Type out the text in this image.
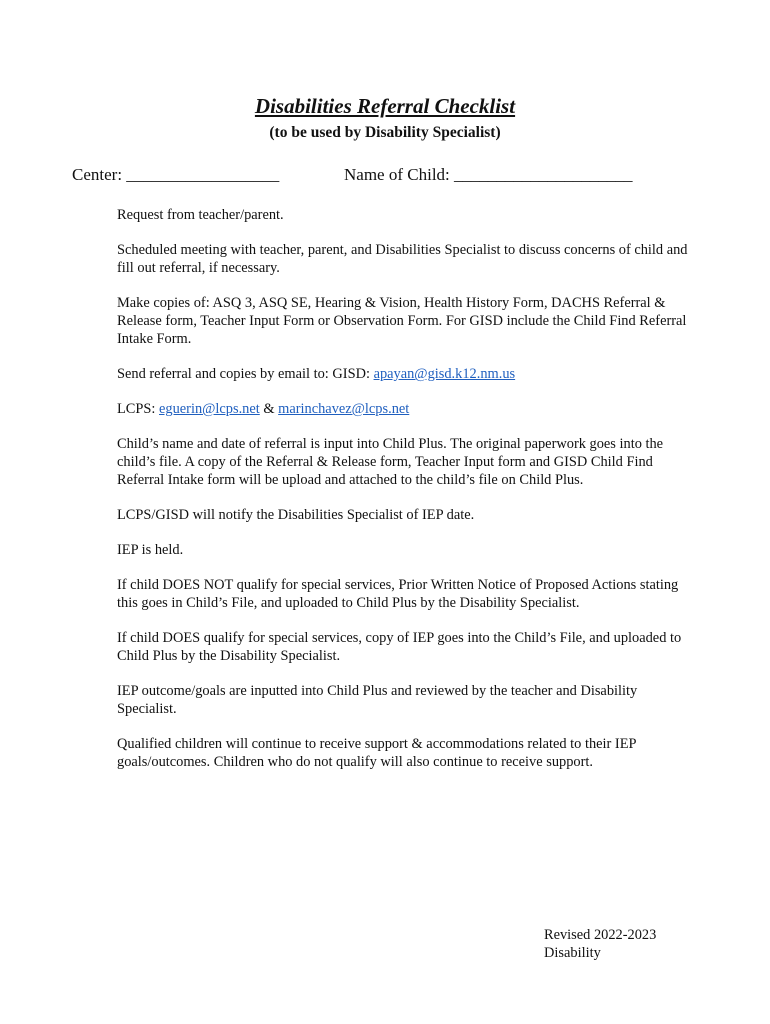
Disabilities Referral Checklist
(to be used by Disability Specialist)
Center: __________________	Name of Child: _____________________
Request from teacher/parent.
Scheduled meeting with teacher, parent, and Disabilities Specialist to discuss concerns of child and fill out referral, if necessary.
Make copies of: ASQ 3, ASQ SE, Hearing & Vision, Health History Form, DACHS Referral & Release form, Teacher Input Form or Observation Form. For GISD include the Child Find Referral Intake Form.
Send referral and copies by email to: GISD: apayan@gisd.k12.nm.us
LCPS: eguerin@lcps.net & marinchavez@lcps.net
Child’s name and date of referral is input into Child Plus. The original paperwork goes into the child’s file. A copy of the Referral & Release form, Teacher Input form and GISD Child Find Referral Intake form will be upload and attached to the child’s file on Child Plus.
LCPS/GISD will notify the Disabilities Specialist of IEP date.
IEP is held.
If child DOES NOT qualify for special services, Prior Written Notice of Proposed Actions stating this goes in Child’s File, and uploaded to Child Plus by the Disability Specialist.
If child DOES qualify for special services, copy of IEP goes into the Child’s File, and uploaded to Child Plus by the Disability Specialist.
IEP outcome/goals are inputted into Child Plus and reviewed by the teacher and Disability Specialist.
Qualified children will continue to receive support & accommodations related to their IEP goals/outcomes. Children who do not qualify will also continue to receive support.
Revised 2022-2023
Disability
